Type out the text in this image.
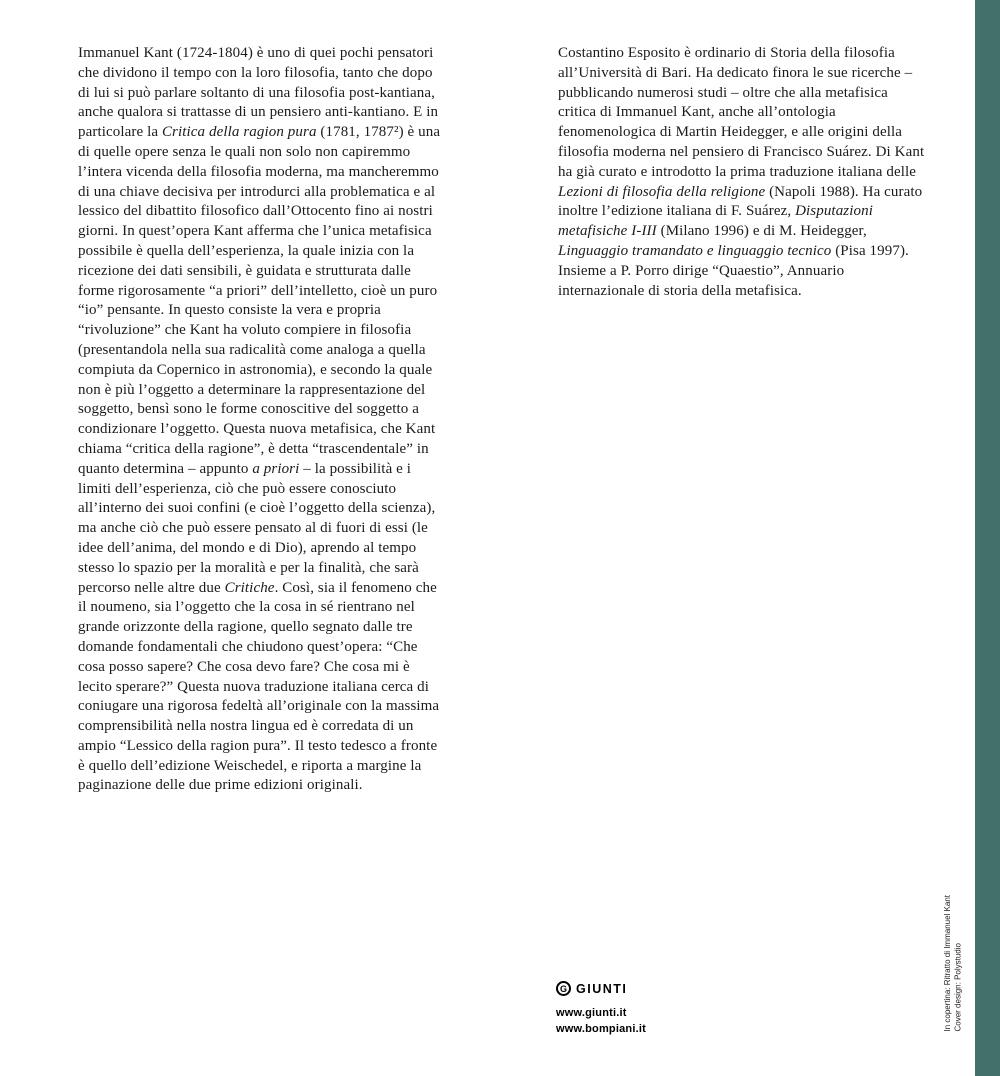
Immanuel Kant (1724-1804) è uno di quei pochi pensatori che dividono il tempo con la loro filosofia, tanto che dopo di lui si può parlare soltanto di una filosofia post-kantiana, anche qualora si trattasse di un pensiero anti-kantiano. E in particolare la Critica della ragion pura (1781, 1787²) è una di quelle opere senza le quali non solo non capiremmo l’intera vicenda della filosofia moderna, ma mancheremmo di una chiave decisiva per introdurci alla problematica e al lessico del dibattito filosofico dall’Ottocento fino ai nostri giorni. In quest’opera Kant afferma che l’unica metafisica possibile è quella dell’esperienza, la quale inizia con la ricezione dei dati sensibili, è guidata e strutturata dalle forme rigorosamente “a priori” dell’intelletto, cioè un puro “io” pensante. In questo consiste la vera e propria “rivoluzione” che Kant ha voluto compiere in filosofia (presentandola nella sua radicalità come analoga a quella compiuta da Copernico in astronomia), e secondo la quale non è più l’oggetto a determinare la rappresentazione del soggetto, bensì sono le forme conoscitive del soggetto a condizionare l’oggetto. Questa nuova metafisica, che Kant chiama “critica della ragione”, è detta “trascendentale” in quanto determina – appunto a priori – la possibilità e i limiti dell’esperienza, ciò che può essere conosciuto all’interno dei suoi confini (e cioè l’oggetto della scienza), ma anche ciò che può essere pensato al di fuori di essi (le idee dell’anima, del mondo e di Dio), aprendo al tempo stesso lo spazio per la moralità e per la finalità, che sarà percorso nelle altre due Critiche. Così, sia il fenomeno che il noumeno, sia l’oggetto che la cosa in sé rientrano nel grande orizzonte della ragione, quello segnato dalle tre domande fondamentali che chiudono quest’opera: “Che cosa posso sapere? Che cosa devo fare? Che cosa mi è lecito sperare?” Questa nuova traduzione italiana cerca di coniugare una rigorosa fedeltà all’originale con la massima comprensibilità nella nostra lingua ed è corredata di un ampio “Lessico della ragion pura”. Il testo tedesco a fronte è quello dell’edizione Weischedel, e riporta a margine la paginazione delle due prime edizioni originali.
Costantino Esposito è ordinario di Storia della filosofia all’Università di Bari. Ha dedicato finora le sue ricerche – pubblicando numerosi studi – oltre che alla metafisica critica di Immanuel Kant, anche all’ontologia fenomenologica di Martin Heidegger, e alle origini della filosofia moderna nel pensiero di Francisco Suárez. Di Kant ha già curato e introdotto la prima traduzione italiana delle Lezioni di filosofia della religione (Napoli 1988). Ha curato inoltre l’edizione italiana di F. Suárez, Disputazioni metafisiche I-III (Milano 1996) e di M. Heidegger, Linguaggio tramandato e linguaggio tecnico (Pisa 1997). Insieme a P. Porro dirige “Quaestio”, Annuario internazionale di storia della metafisica.
G GIUNTI
www.giunti.it
www.bompiani.it	In copertina: Ritratto di Immanuel Kant Cover design: Polystudio
